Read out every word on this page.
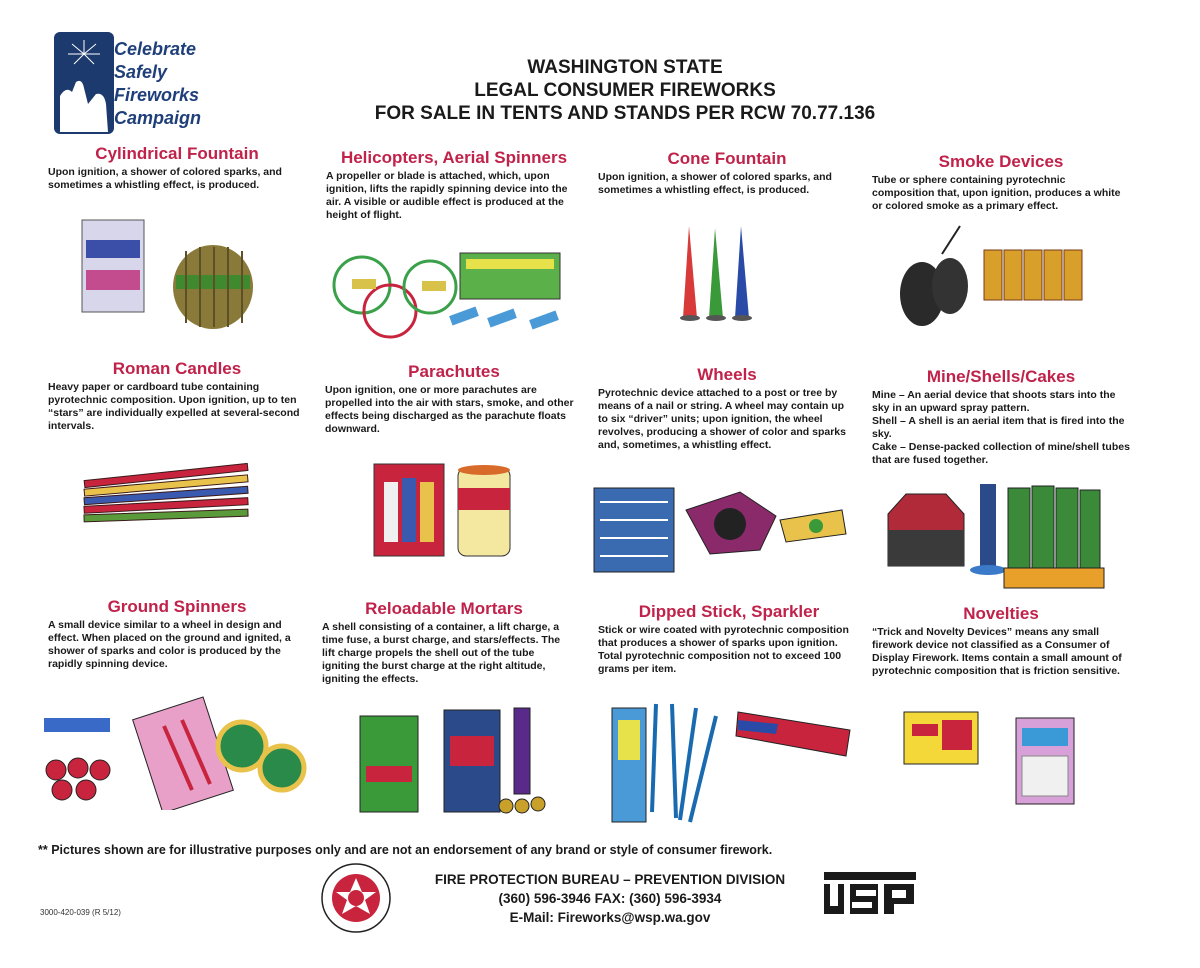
Celebrate
Safely
Fireworks
Campaign
WASHINGTON STATE
LEGAL CONSUMER FIREWORKS
FOR SALE IN TENTS AND STANDS PER RCW 70.77.136
Cylindrical Fountain

Upon ignition, a shower of colored sparks, and sometimes a whistling effect, is produced.

Helicopters, Aerial Spinners

A propeller or blade is attached, which, upon ignition, lifts the rapidly spinning device into the air. A visible or audible effect is produced at the height of flight.

Cone Fountain

Upon ignition, a shower of colored sparks, and sometimes a whistling effect, is produced.

Smoke Devices

Tube or sphere containing pyrotechnic composition that, upon ignition, produces a white or colored smoke as a primary effect.

Roman Candles

Heavy paper or cardboard tube containing pyrotechnic composition. Upon ignition, up to ten “stars” are individually expelled at several-second intervals.

Parachutes

Upon ignition, one or more parachutes are propelled into the air with stars, smoke, and other effects being discharged as the parachute floats downward.

Wheels

Pyrotechnic device attached to a post or tree by means of a nail or string. A wheel may contain up to six “driver” units; upon ignition, the wheel revolves, producing a shower of color and sparks and, sometimes, a whistling effect.

Mine/Shells/Cakes

Mine – An aerial device that shoots stars into the sky in an upward spray pattern.
Shell – A shell is an aerial item that is fired into the sky.
Cake – Dense-packed collection of mine/shell tubes that are fused together.

Ground Spinners

A small device similar to a wheel in design and effect. When placed on the ground and ignited, a shower of sparks and color is produced by the rapidly spinning device.

Reloadable Mortars

A shell consisting of a container, a lift charge, a time fuse, a burst charge, and stars/effects. The lift charge propels the shell out of the tube igniting the burst charge at the right altitude, igniting the effects.

Dipped Stick, Sparkler

Stick or wire coated with pyrotechnic composition that produces a shower of sparks upon ignition. Total pyrotechnic composition not to exceed 100 grams per item.

Novelties

“Trick and Novelty Devices” means any small firework device not classified as a Consumer of Display Firework. Items contain a small amount of pyrotechnic composition that is friction sensitive.

** Pictures shown are for illustrative purposes only and are not an endorsement of any brand or style of consumer firework.
3000-420-039 (R 5/12)
FIRE PROTECTION BUREAU – PREVENTION DIVISION
(360) 596-3946 FAX: (360) 596-3934
E-Mail: Fireworks@wsp.wa.gov
